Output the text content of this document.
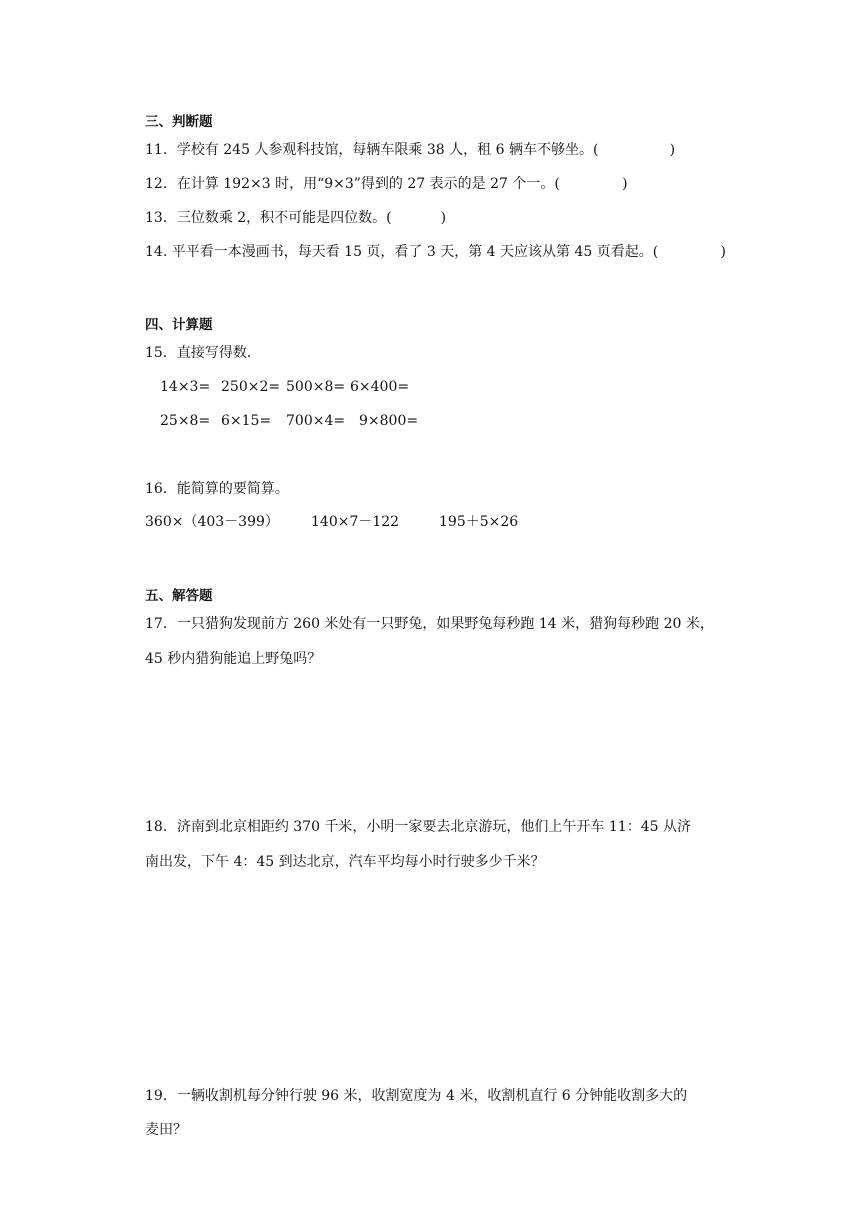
三、判断题
11．学校有 245 人参观科技馆，每辆车限乘 38 人，租 6 辆车不够坐。(                )
12．在计算 192×3 时，用“9×3”得到的 27 表示的是 27 个一。(              )
13．三位数乘 2，积不可能是四位数。(           )
14. 平平看一本漫画书，每天看 15 页，看了 3 天，第 4 天应该从第 45 页看起。(              )
四、计算题
15．直接写得数．
14×3= 250×2= 500×8= 6×400=
25×8= 6×15= 700×4= 9×800=
16．能简算的要简算。
360×（403－399） 140×7－122	195＋5×26
五、解答题
17．一只猎狗发现前方 260 米处有一只野兔，如果野兔每秒跑 14 米，猎狗每秒跑 20 米，
45 秒内猎狗能追上野兔吗？
18．济南到北京相距约 370 千米，小明一家要去北京游玩，他们上午开车 11：45 从济
南出发，下午 4：45 到达北京，汽车平均每小时行驶多少千米？
19．一辆收割机每分钟行驶 96 米，收割宽度为 4 米，收割机直行 6 分钟能收割多大的
麦田？
